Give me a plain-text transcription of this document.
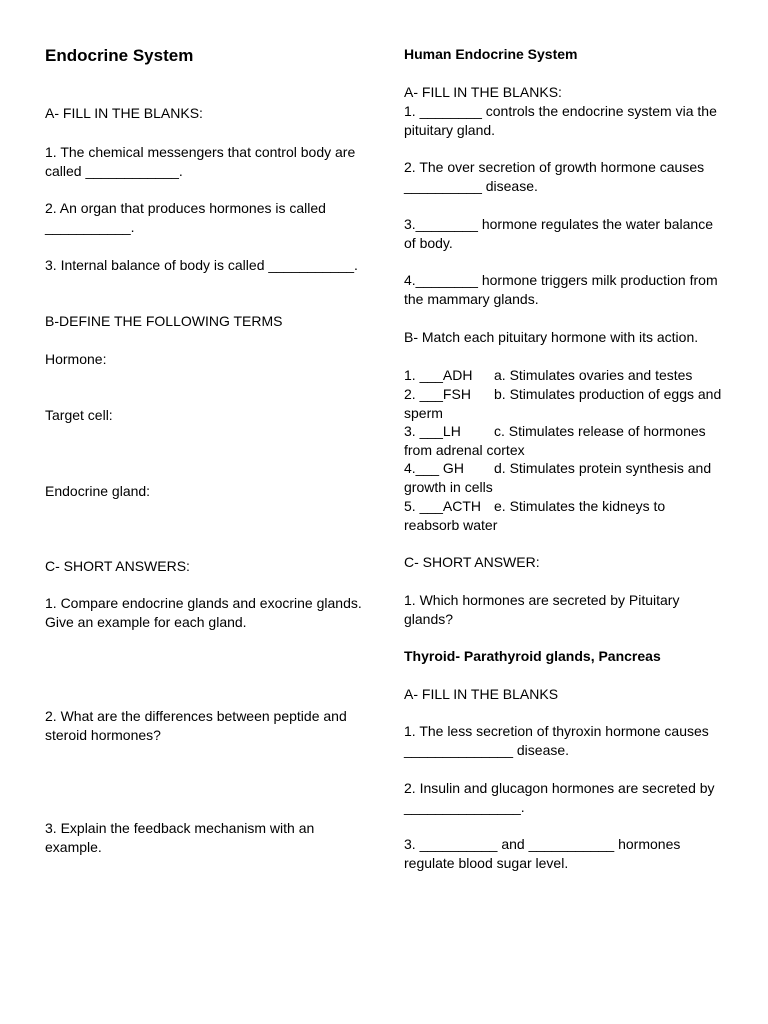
Endocrine System

A- FILL IN THE BLANKS:

1. The chemical messengers that control body are called ____________.

2. An organ that produces hormones is called ___________.

3. Internal balance of body is called ___________.

B-DEFINE THE FOLLOWING TERMS

Hormone:

Target cell:

Endocrine gland:

C- SHORT ANSWERS:

1. Compare endocrine glands and exocrine glands. Give an example for each gland.

2. What are the differences between peptide and steroid hormones?

3. Explain the feedback mechanism with an example.

Human Endocrine System

A- FILL IN THE BLANKS:

1. ________ controls the endocrine system via the pituitary gland.

2. The over secretion of growth hormone causes __________ disease.

3.________ hormone regulates the water balance of body.

4.________ hormone triggers milk production from the mammary glands.

B- Match each pituitary hormone with its action.

1. ___ADH a. Stimulates ovaries and testes
2. ___FSH b. Stimulates production of eggs and sperm
3. ___LH c. Stimulates release of hormones from adrenal cortex
4.___ GH d. Stimulates protein synthesis and growth in cells
5. ___ACTH e. Stimulates the kidneys to reabsorb water

C- SHORT ANSWER:

1. Which hormones are secreted by Pituitary glands?

Thyroid- Parathyroid glands, Pancreas

A- FILL IN THE BLANKS

1. The less secretion of thyroxin hormone causes ______________ disease.

2. Insulin and glucagon hormones are secreted by _______________.

3. __________ and ___________ hormones regulate blood sugar level.
